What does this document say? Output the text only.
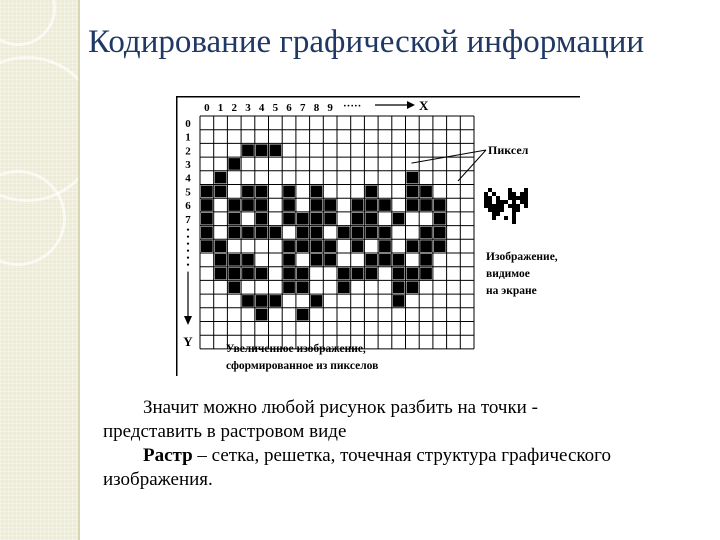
Кодирование графической информации
0 1 2 3 4 5 6 7 8 9 ·····	X
0
1
2
3
4
5
6
7
Y
Пиксел
Изображение,
видимое
на экране
Увеличенное изображение,
сформированное из пикселов

Значит можно любой рисунок разбить на точки - представить в растровом виде

Растр – сетка, решетка, точечная структура графического изображения.
